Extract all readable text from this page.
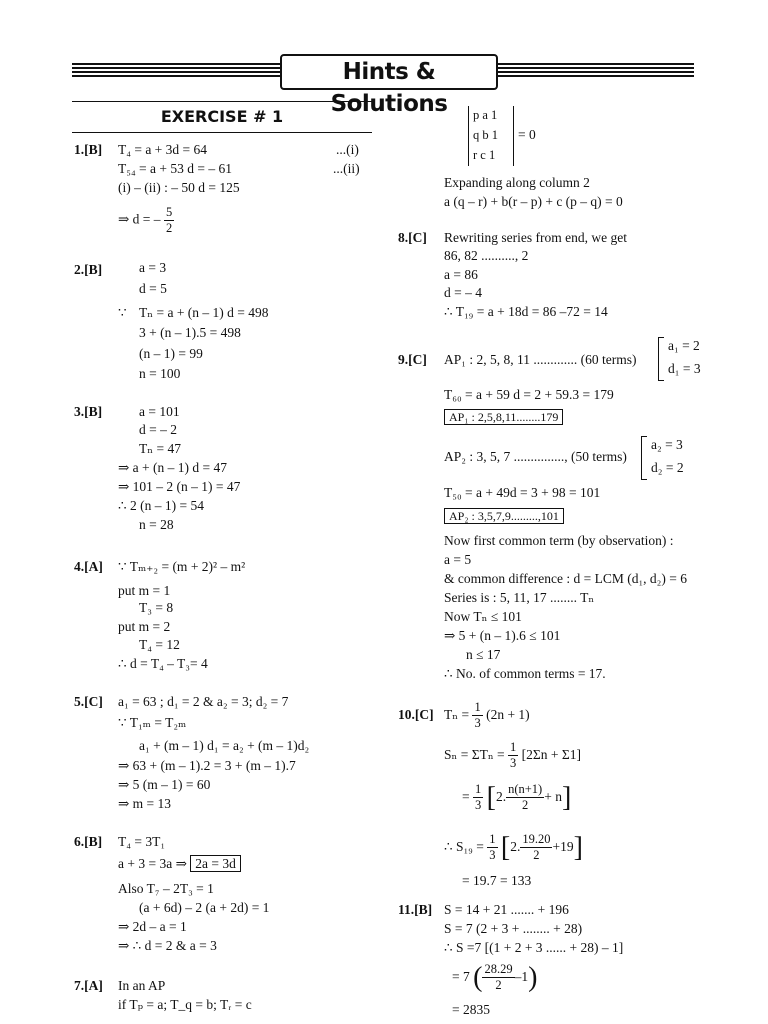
Hints & Solutions
EXERCISE # 1
1.[B] T₄ = a + 3d = 64	...(i)
T₅₄ = a + 53 d = – 61	...(ii)
(i) – (ii) : – 50 d = 125
⇒ d = – $\frac{5}{2}$
2.[B]	a = 3
d = 5
∵ Tₙ = a + (n – 1) d = 498
3 + (n – 1).5 = 498
(n – 1) = 99
n = 100
3.[B]	a = 101
d = – 2
Tₙ = 47
⇒ a + (n – 1) d = 47
⇒ 101 – 2 (n – 1) = 47
∴ 2 (n – 1) = 54
n = 28
4.[A] ∵ Tₘ₊₂ = (m + 2)² – m²
put m = 1
T₃ = 8
put m = 2
T₄ = 12
∴ d = T₄ – T₃= 4
5.[C] a₁ = 63 ; d₁ = 2 & a₂ = 3; d₂ = 7
∵ T₁ₘ = T₂ₘ
a₁ + (m – 1) d₁ = a₂ + (m – 1)d₂
⇒ 63 + (m – 1).2 = 3 + (m – 1).7
⇒ 5 (m – 1) = 60
⇒ m = 13
6.[B] T₄ = 3T₁
a + 3 = 3a ⇒ 2a = 3d
Also T₇ – 2T₃ = 1
(a + 6d) – 2 (a + 2d) = 1
⇒ 2d – a = 1
⇒ ∴ d = 2 & a = 3
7.[A] In an AP
if Tₚ = a; T_q = b; Tᵣ = c
p a 1
q b 1
r c 1
= 0
Expanding along column 2
a (q – r) + b(r – p) + c (p – q) = 0
8.[C] Rewriting series from end, we get
86, 82 .........., 2
a = 86
d = – 4
∴ T₁₉ = a + 18d = 86 –72 = 14
9.[C] AP₁ : 2, 5, 8, 11 ............. (60 terms)
a₁ = 2
d₁ = 3
T₆₀ = a + 59 d = 2 + 59.3 = 179
AP₁ : 2,5,8,11........179
AP₂ : 3, 5, 7 ..............., (50 terms)
a₂ = 3
d₂ = 2
T₅₀ = a + 49d = 3 + 98 = 101
AP₂ : 3,5,7,9.........,101
Now first common term (by observation) :
a = 5
& common difference : d = LCM (d₁, d₂) = 6
Series is : 5, 11, 17 ........ Tₙ
Now Tₙ ≤ 101
⇒ 5 + (n – 1).6 ≤ 101
n ≤ 17
∴ No. of common terms = 17.
10.[C] $T_n = \frac{1}{3} (2n + 1)$
$S_n = \Sigma T_n = \frac{1}{3} [2\Sigma n + \Sigma 1]$
= $\frac{1}{3} [2$. $\frac{n(n+1)}{2} + n$]
∴ $S_{19} = \frac{1}{3} [2$. $\frac{19.20}{2} +19$]
= 19.7 = 133
11.[B] S = 14 + 21 ....... + 196
S = 7 (2 + 3 + ........ + 28)
∴ S =7 [(1 + 2 + 3 ...... + 28) – 1]
= 7 ( $\frac{28.29}{2} -1$)
= 2835
